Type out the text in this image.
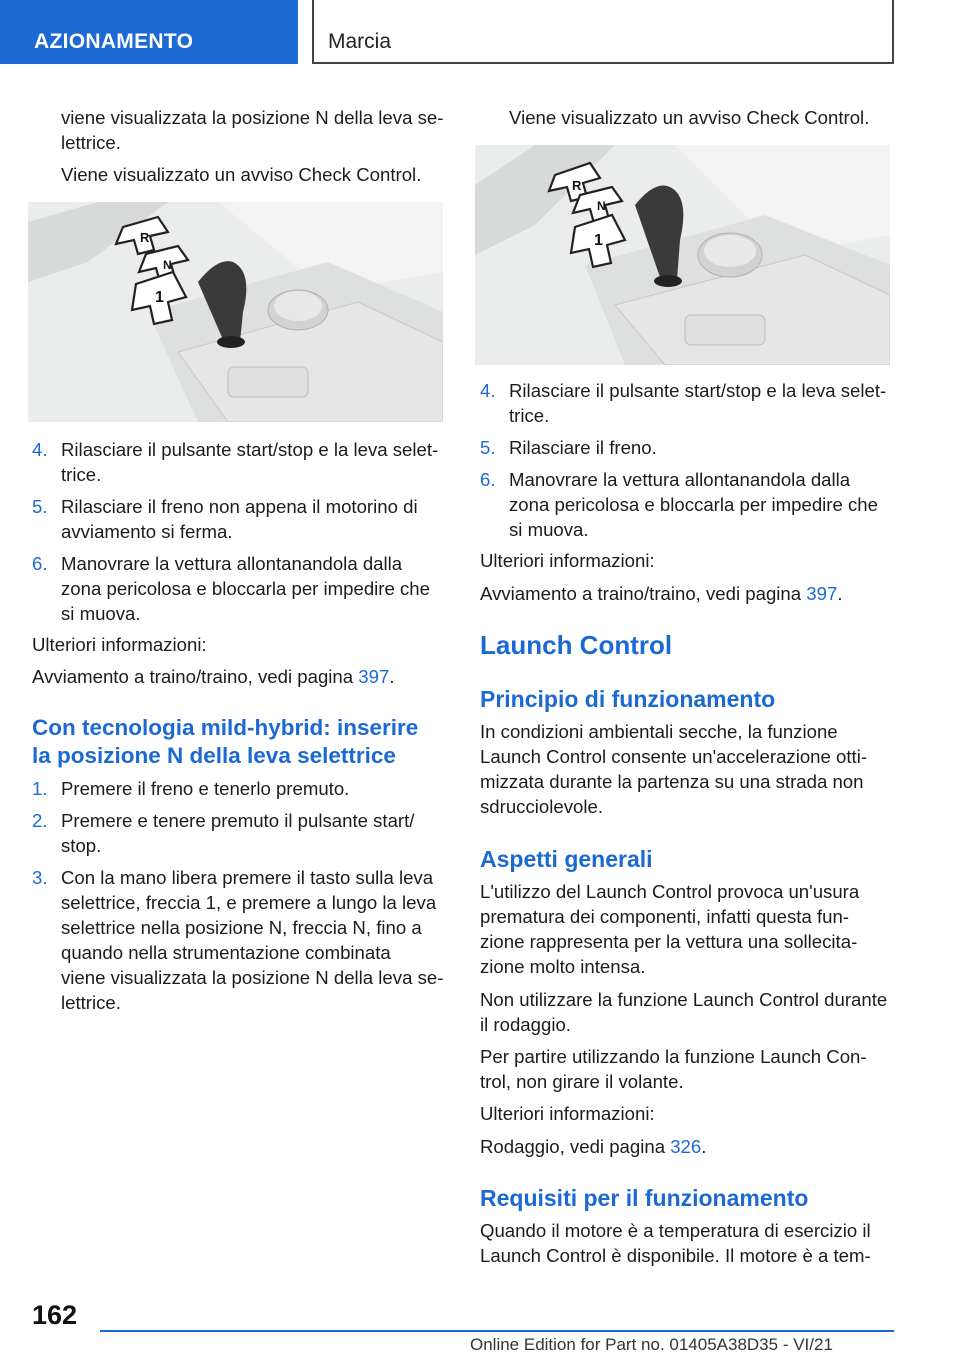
AZIONAMENTO	Marcia

viene visualizzata la posizione N della leva se‐

lettrice.

Viene visualizzato un avviso Check Control.

R
N
1
4. Rilasciare il pulsante start/stop e la leva selet‐

trice.

5. Rilasciare il freno non appena il motorino di

avviamento si ferma.

6. Manovrare la vettura allontanandola dalla

zona pericolosa e bloccarla per impedire che

si muova.

Ulteriori informazioni:

Avviamento a traino/traino, vedi pagina 397.

Con tecnologia mild-hybrid: inserire

la posizione N della leva selettrice

1. Premere il freno e tenerlo premuto.

2. Premere e tenere premuto il pulsante start/

stop.

3. Con la mano libera premere il tasto sulla leva

selettrice, freccia 1, e premere a lungo la leva

selettrice nella posizione N, freccia N, fino a

quando nella strumentazione combinata

viene visualizzata la posizione N della leva se‐

lettrice.

Viene visualizzato un avviso Check Control.

R
N
1
4. Rilasciare il pulsante start/stop e la leva selet‐

trice.

5. Rilasciare il freno.

6. Manovrare la vettura allontanandola dalla

zona pericolosa e bloccarla per impedire che

si muova.

Ulteriori informazioni:

Avviamento a traino/traino, vedi pagina 397.

Launch Control

Principio di funzionamento

In condizioni ambientali secche, la funzione

Launch Control consente un'accelerazione otti‐

mizzata durante la partenza su una strada non

sdrucciolevole.

Aspetti generali

L'utilizzo del Launch Control provoca un'usura

prematura dei componenti, infatti questa fun‐

zione rappresenta per la vettura una sollecita‐

zione molto intensa.

Non utilizzare la funzione Launch Control durante

il rodaggio.

Per partire utilizzando la funzione Launch Con‐

trol, non girare il volante.

Ulteriori informazioni:

Rodaggio, vedi pagina 326.

Requisiti per il funzionamento

Quando il motore è a temperatura di esercizio il

Launch Control è disponibile. Il motore è a tem‐

162
Online Edition for Part no. 01405A38D35 - VI/21
